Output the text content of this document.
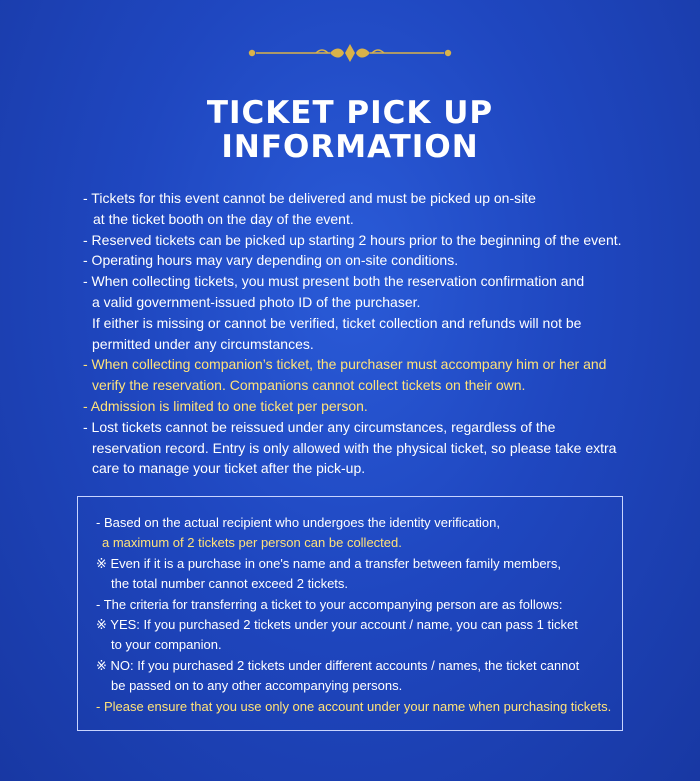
TICKET PICK UP
INFORMATION
- Tickets for this event cannot be delivered and must be picked up on-site
at the ticket booth on the day of the event.
- Reserved tickets can be picked up starting 2 hours prior to the beginning of the event.
- Operating hours may vary depending on on-site conditions.
- When collecting tickets, you must present both the reservation confirmation and
a valid government-issued photo ID of the purchaser.
If either is missing or cannot be verified, ticket collection and refunds will not be
permitted under any circumstances.
- When collecting companion’s ticket, the purchaser must accompany him or her and
verify the reservation. Companions cannot collect tickets on their own.
- Admission is limited to one ticket per person.
- Lost tickets cannot be reissued under any circumstances, regardless of the
reservation record. Entry is only allowed with the physical ticket, so please take extra
care to manage your ticket after the pick-up.
- Based on the actual recipient who undergoes the identity verification,
a maximum of 2 tickets per person can be collected.
※ Even if it is a purchase in one's name and a transfer between family members,
the total number cannot exceed 2 tickets.
- The criteria for transferring a ticket to your accompanying person are as follows:
※ YES: If you purchased 2 tickets under your account / name, you can pass 1 ticket
to your companion.
※ NO: If you purchased 2 tickets under different accounts / names, the ticket cannot
be passed on to any other accompanying persons.
- Please ensure that you use only one account under your name when purchasing tickets.
